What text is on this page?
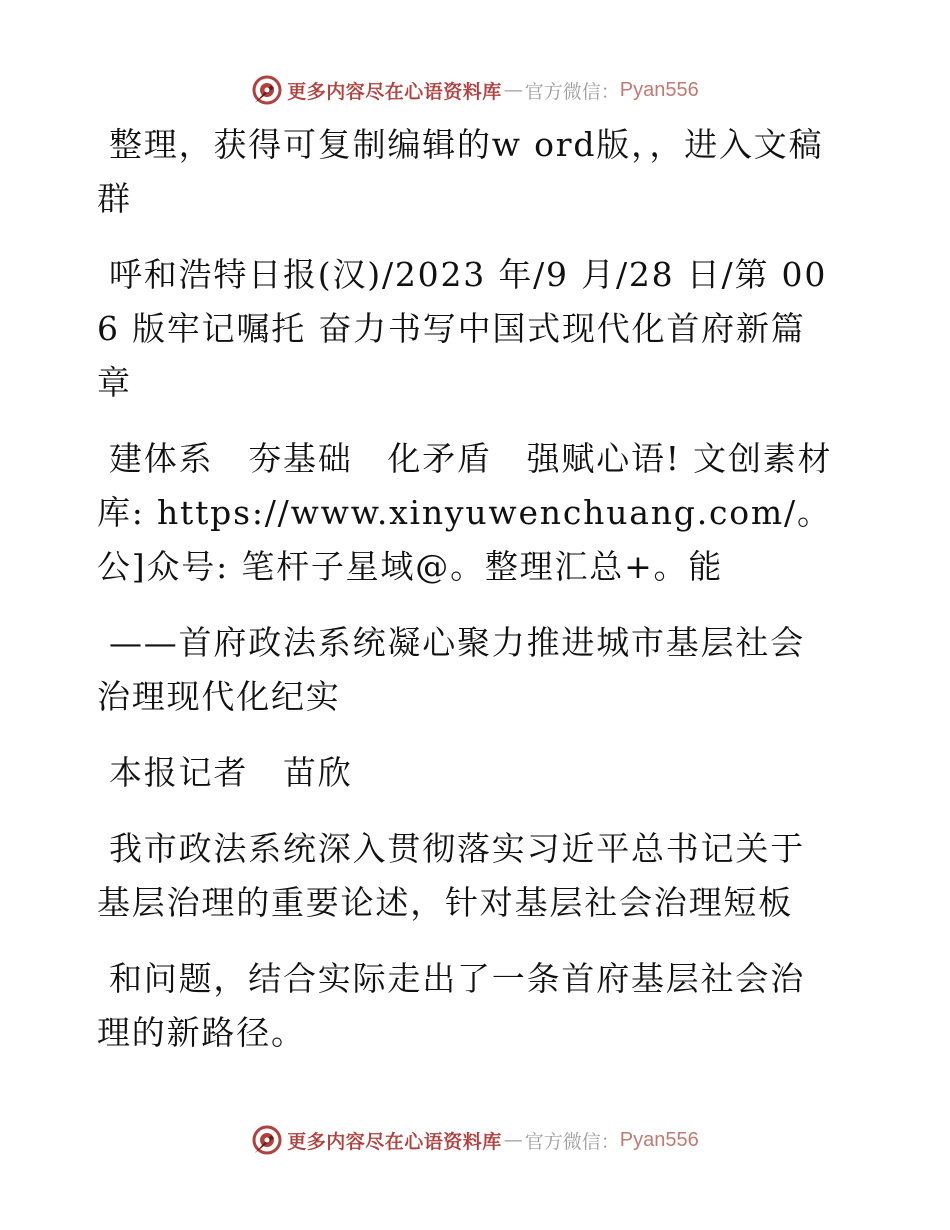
更多内容尽在心语资料库 — 官方微信： Pyan556

整理，获得可复制编辑的w ord版，，进入文稿群

呼和浩特日报(汉)/2023 年/9 月/28 日/第 006 版牢记嘱托 奋力书写中国式现代化首府新篇章

建体系　夯基础　化矛盾　强赋心语! 文创素材库: https://www.xinyuwenchuang.com/。公]众号: 笔杆子星域@。整理汇总+。能

——首府政法系统凝心聚力推进城市基层社会治理现代化纪实

本报记者　苗欣

我市政法系统深入贯彻落实习近平总书记关于基层治理的重要论述，针对基层社会治理短板

和问题，结合实际走出了一条首府基层社会治理的新路径。

更多内容尽在心语资料库 — 官方微信： Pyan556
